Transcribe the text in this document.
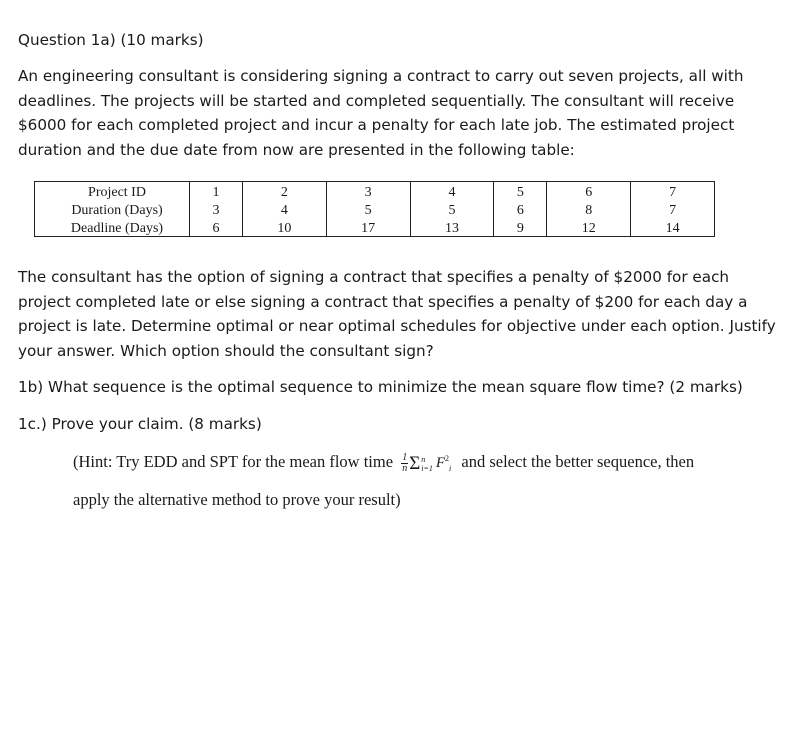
Question 1a) (10 marks)

An engineering consultant is considering signing a contract to carry out seven projects, all with deadlines. The projects will be started and completed sequentially. The consultant will receive $6000 for each completed project and incur a penalty for each late job. The estimated project duration and the due date from now are presented in the following table:

Project ID	1	2	3	4	5	6	7
Duration (Days)	3	4	5	5	6	8	7
Deadline (Days)	6	10	17	13	9	12	14

The consultant has the option of signing a contract that specifies a penalty of $2000 for each project completed late or else signing a contract that specifies a penalty of $200 for each day a project is late. Determine optimal or near optimal schedules for objective under each option. Justify your answer. Which option should the consultant sign?

1b) What sequence is the optimal sequence to minimize the mean square flow time? (2 marks)

1c.) Prove your claim. (8 marks)

(Hint: Try EDD and SPT for the mean flow time $\frac{1}{n}$ Σ n
i=1 $F^2_i$ and select the better sequence, then
apply the alternative method to prove your result)
